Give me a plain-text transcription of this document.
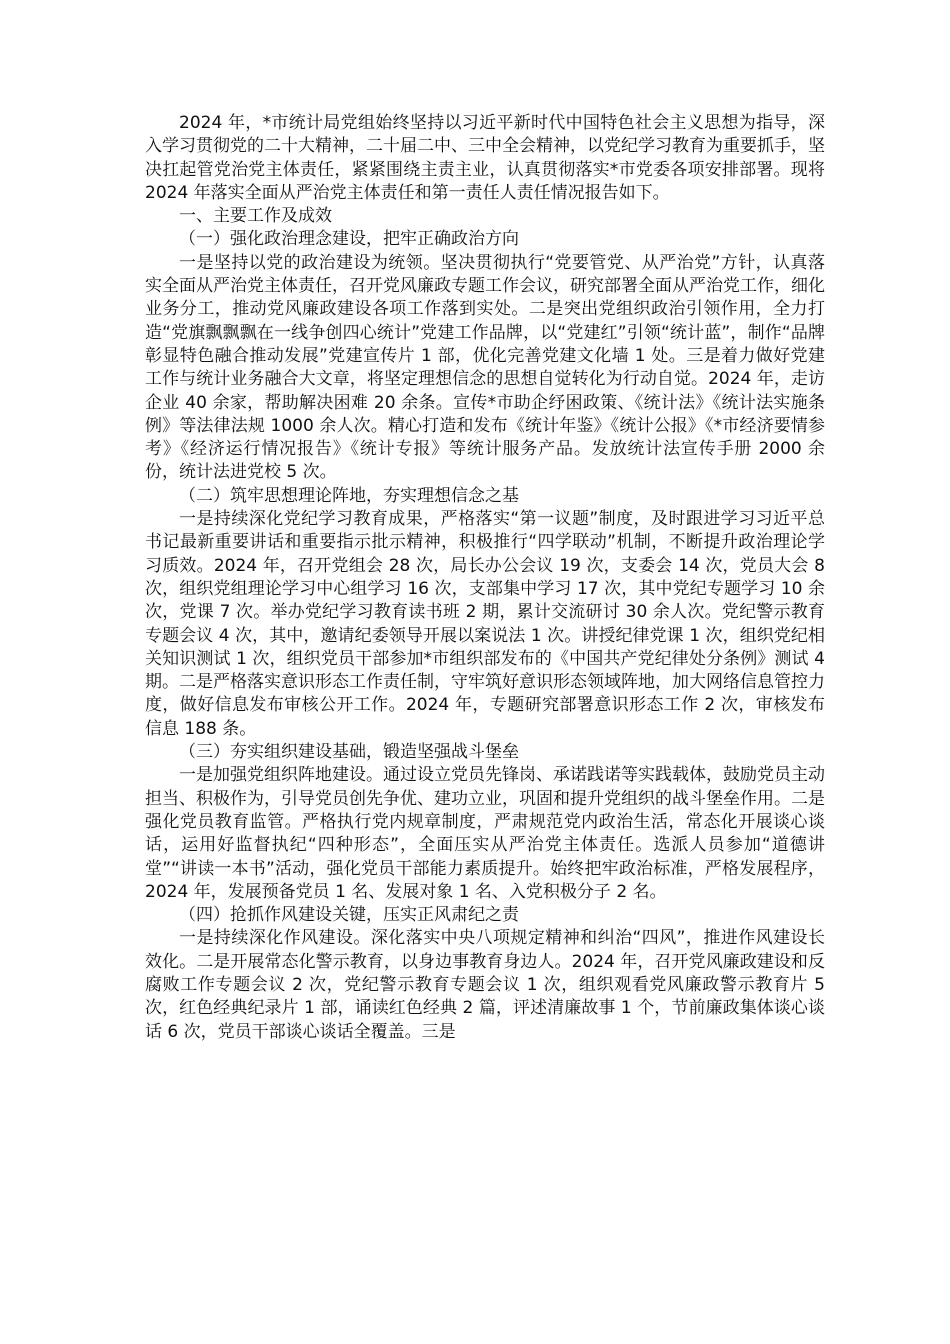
2024 年，*市统计局党组始终坚持以习近平新时代中国特色社会主义思想为指导，深入学习贯彻党的二十大精神，二十届二中、三中全会精神，以党纪学习教育为重要抓手，坚决扛起管党治党主体责任，紧紧围绕主责主业，认真贯彻落实*市党委各项安排部署。现将 2024 年落实全面从严治党主体责任和第一责任人责任情况报告如下。

一、主要工作及成效

（一）强化政治理念建设，把牢正确政治方向

一是坚持以党的政治建设为统领。坚决贯彻执行“党要管党、从严治党”方针，认真落实全面从严治党主体责任，召开党风廉政专题工作会议，研究部署全面从严治党工作，细化业务分工，推动党风廉政建设各项工作落到实处。二是突出党组织政治引领作用，全力打造“党旗飘飘飘在一线争创四心统计”党建工作品牌，以“党建红”引领“统计蓝”，制作“品牌彰显特色融合推动发展”党建宣传片 1 部，优化完善党建文化墙 1 处。三是着力做好党建工作与统计业务融合大文章，将坚定理想信念的思想自觉转化为行动自觉。2024 年，走访企业 40 余家，帮助解决困难 20 余条。宣传*市助企纾困政策、《统计法》《统计法实施条例》等法律法规 1000 余人次。精心打造和发布《统计年鉴》《统计公报》《*市经济要情参考》《经济运行情况报告》《统计专报》等统计服务产品。发放统计法宣传手册 2000 余份，统计法进党校 5 次。

（二）筑牢思想理论阵地，夯实理想信念之基

一是持续深化党纪学习教育成果，严格落实“第一议题”制度，及时跟进学习习近平总书记最新重要讲话和重要指示批示精神，积极推行“四学联动”机制，不断提升政治理论学习质效。2024 年，召开党组会 28 次，局长办公会议 19 次，支委会 14 次，党员大会 8 次，组织党组理论学习中心组学习 16 次，支部集中学习 17 次，其中党纪专题学习 10 余次，党课 7 次。举办党纪学习教育读书班 2 期，累计交流研讨 30 余人次。党纪警示教育专题会议 4 次，其中，邀请纪委领导开展以案说法 1 次。讲授纪律党课 1 次，组织党纪相关知识测试 1 次，组织党员干部参加*市组织部发布的《中国共产党纪律处分条例》测试 4 期。二是严格落实意识形态工作责任制，守牢筑好意识形态领域阵地，加大网络信息管控力度，做好信息发布审核公开工作。2024 年，专题研究部署意识形态工作 2 次，审核发布信息 188 条。

（三）夯实组织建设基础，锻造坚强战斗堡垒

一是加强党组织阵地建设。通过设立党员先锋岗、承诺践诺等实践载体，鼓励党员主动担当、积极作为，引导党员创先争优、建功立业，巩固和提升党组织的战斗堡垒作用。二是强化党员教育监管。严格执行党内规章制度，严肃规范党内政治生活，常态化开展谈心谈话，运用好监督执纪“四种形态”，全面压实从严治党主体责任。选派人员参加“道德讲堂”“讲读一本书”活动，强化党员干部能力素质提升。始终把牢政治标准，严格发展程序，2024 年，发展预备党员 1 名、发展对象 1 名、入党积极分子 2 名。

（四）抢抓作风建设关键，压实正风肃纪之责

一是持续深化作风建设。深化落实中央八项规定精神和纠治“四风”，推进作风建设长效化。二是开展常态化警示教育，以身边事教育身边人。2024 年，召开党风廉政建设和反腐败工作专题会议 2 次，党纪警示教育专题会议 1 次，组织观看党风廉政警示教育片 5 次，红色经典纪录片 1 部，诵读红色经典 2 篇，评述清廉故事 1 个，节前廉政集体谈心谈话 6 次，党员干部谈心谈话全覆盖。三是
